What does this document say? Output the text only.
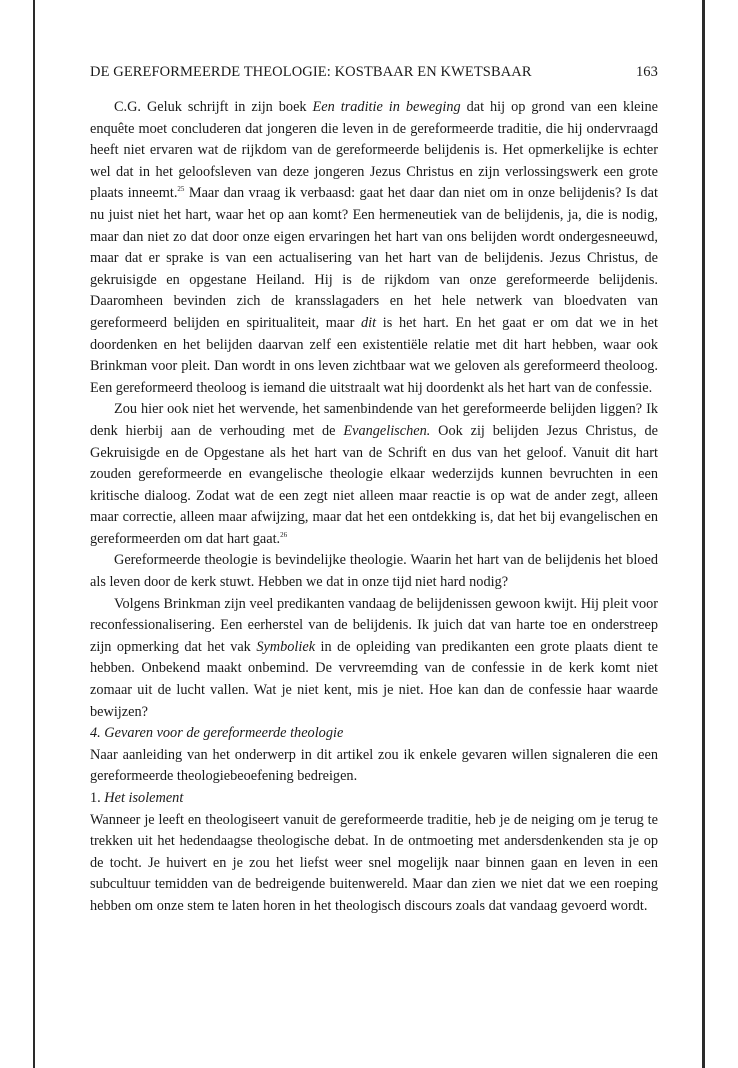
DE GEREFORMEERDE THEOLOGIE: KOSTBAAR EN KWETSBAAR	163

C.G. Geluk schrijft in zijn boek Een traditie in beweging dat hij op grond van een kleine enquête moet concluderen dat jongeren die leven in de gereformeerde traditie, die hij ondervraagd heeft niet ervaren wat de rijkdom van de gereformeerde belijdenis is. Het opmerkelijke is echter wel dat in het geloofsleven van deze jongeren Jezus Christus en zijn verlossingswerk een grote plaats inneemt.$^{25}$ Maar dan vraag ik verbaasd: gaat het daar dan niet om in onze belijdenis? Is dat nu juist niet het hart, waar het op aan komt? Een hermeneutiek van de belijdenis, ja, die is nodig, maar dan niet zo dat door onze eigen ervaringen het hart van ons belijden wordt ondergesneeuwd, maar dat er sprake is van een actualisering van het hart van de belijdenis. Jezus Christus, de gekruisigde en opgestane Heiland. Hij is de rijkdom van onze gereformeerde belijdenis. Daaromheen bevinden zich de kransslagaders en het hele netwerk van bloedvaten van gereformeerd belijden en spiritualiteit, maar dit is het hart. En het gaat er om dat we in het doordenken en het belijden daarvan zelf een existentiële relatie met dit hart hebben, waar ook Brinkman voor pleit. Dan wordt in ons leven zichtbaar wat we geloven als gereformeerd theoloog. Een gereformeerd theoloog is iemand die uitstraalt wat hij doordenkt als het hart van de confessie.

Zou hier ook niet het wervende, het samenbindende van het gereformeerde belijden liggen? Ik denk hierbij aan de verhouding met de Evangelischen. Ook zij belijden Jezus Christus, de Gekruisigde en de Opgestane als het hart van de Schrift en dus van het geloof. Vanuit dit hart zouden gereformeerde en evangelische theologie elkaar wederzijds kunnen bevruchten in een kritische dialoog. Zodat wat de een zegt niet alleen maar reactie is op wat de ander zegt, alleen maar correctie, alleen maar afwijzing, maar dat het een ontdekking is, dat het bij evangelischen en gereformeerden om dat hart gaat.$^{26}$

Gereformeerde theologie is bevindelijke theologie. Waarin het hart van de belijdenis het bloed als leven door de kerk stuwt. Hebben we dat in onze tijd niet hard nodig?

Volgens Brinkman zijn veel predikanten vandaag de belijdenissen gewoon kwijt. Hij pleit voor reconfessionalisering. Een eerherstel van de belijdenis. Ik juich dat van harte toe en onderstreep zijn opmerking dat het vak Symboliek in de opleiding van predikanten een grote plaats dient te hebben. Onbekend maakt onbemind. De vervreemding van de confessie in de kerk komt niet zomaar uit de lucht vallen. Wat je niet kent, mis je niet. Hoe kan dan de confessie haar waarde bewijzen?

4. Gevaren voor de gereformeerde theologie

Naar aanleiding van het onderwerp in dit artikel zou ik enkele gevaren willen signaleren die een gereformeerde theologiebeoefening bedreigen.

1. Het isolement

Wanneer je leeft en theologiseert vanuit de gereformeerde traditie, heb je de neiging om je terug te trekken uit het hedendaagse theologische debat. In de ontmoeting met andersdenkenden sta je op de tocht. Je huivert en je zou het liefst weer snel mogelijk naar binnen gaan en leven in een subcultuur temidden van de bedreigende buitenwereld. Maar dan zien we niet dat we een roeping hebben om onze stem te laten horen in het theologisch discours zoals dat vandaag gevoerd wordt.
